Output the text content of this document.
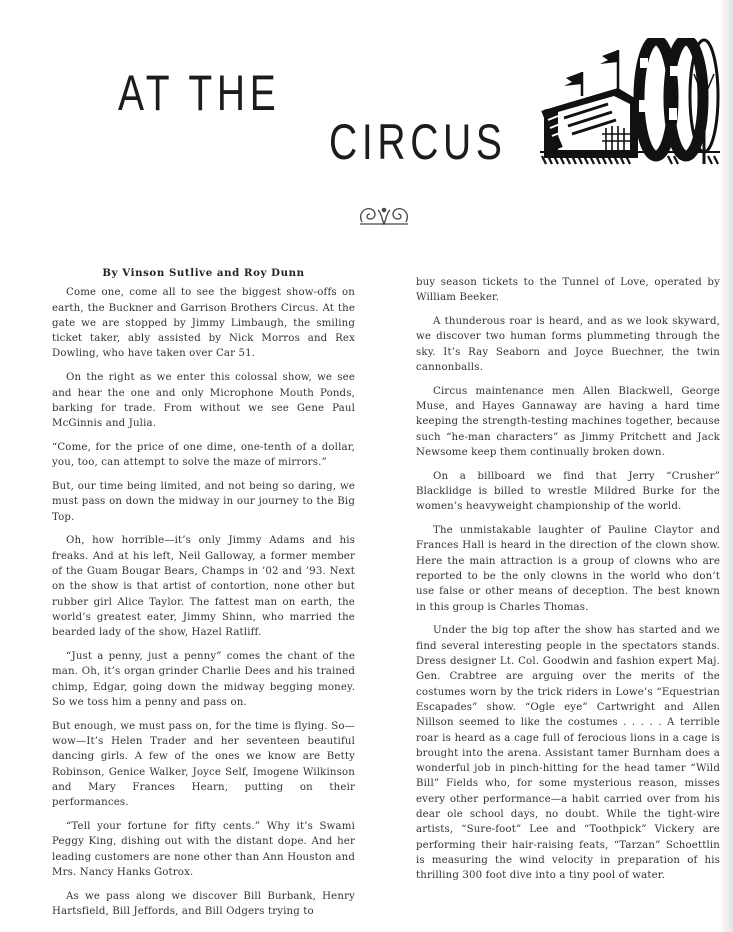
AT THE
CIRCUS

By Vinson Sutlive and Roy Dunn

Come one, come all to see the biggest show-offs on earth, the Buckner and Garrison Brothers Circus. At the gate we are stopped by Jimmy Limbaugh, the smiling ticket taker, ably assisted by Nick Morros and Rex Dowling, who have taken over Car 51.

On the right as we enter this colossal show, we see and hear the one and only Microphone Mouth Ponds, barking for trade. From without we see Gene Paul McGinnis and Julia.

“Come, for the price of one dime, one-tenth of a dollar, you, too, can attempt to solve the maze of mirrors.”

But, our time being limited, and not being so daring, we must pass on down the midway in our journey to the Big Top.

Oh, how horrible—it’s only Jimmy Adams and his freaks. And at his left, Neil Galloway, a former member of the Guam Bougar Bears, Champs in ’02 and ’93. Next on the show is that artist of contortion, none other but rubber girl Alice Taylor. The fattest man on earth, the world’s greatest eater, Jimmy Shinn, who married the bearded lady of the show, Hazel Ratliff.

“Just a penny, just a penny” comes the chant of the man. Oh, it’s organ grinder Charlie Dees and his trained chimp, Edgar, going down the midway begging money. So we toss him a penny and pass on.

But enough, we must pass on, for the time is flying. So—wow—It’s Helen Trader and her seventeen beautiful dancing girls. A few of the ones we know are Betty Robinson, Genice Walker, Joyce Self, Imogene Wilkinson and Mary Frances Hearn, putting on their performances.

“Tell your fortune for fifty cents.” Why it’s Swami Peggy King, dishing out with the distant dope. And her leading customers are none other than Ann Houston and Mrs. Nancy Hanks Gotrox.

As we pass along we discover Bill Burbank, Henry Hartsfield, Bill Jeffords, and Bill Odgers trying to

buy season tickets to the Tunnel of Love, operated by William Beeker.

A thunderous roar is heard, and as we look skyward, we discover two human forms plummeting through the sky. It’s Ray Seaborn and Joyce Buechner, the twin cannonballs.

Circus maintenance men Allen Blackwell, George Muse, and Hayes Gannaway are having a hard time keeping the strength-testing machines together, because such “he-man characters” as Jimmy Pritchett and Jack Newsome keep them continually broken down.

On a billboard we find that Jerry “Crusher” Blacklidge is billed to wrestle Mildred Burke for the women’s heavyweight championship of the world.

The unmistakable laughter of Pauline Claytor and Frances Hall is heard in the direction of the clown show. Here the main attraction is a group of clowns who are reported to be the only clowns in the world who don’t use false or other means of deception. The best known in this group is Charles Thomas.

Under the big top after the show has started and we find several interesting people in the spectators stands. Dress designer Lt. Col. Goodwin and fashion expert Maj. Gen. Crabtree are arguing over the merits of the costumes worn by the trick riders in Lowe’s “Equestrian Escapades” show. “Ogle eye” Cartwright and Allen Nillson seemed to like the costumes . . . . . A terrible roar is heard as a cage full of ferocious lions in a cage is brought into the arena. Assistant tamer Burnham does a wonderful job in pinch-hitting for the head tamer “Wild Bill” Fields who, for some mysterious reason, misses every other performance—a habit carried over from his dear ole school days, no doubt. While the tight-wire artists, “Sure-foot” Lee and “Toothpick” Vickery are performing their hair-raising feats, “Tarzan” Schoettlin is measuring the wind velocity in preparation of his thrilling 300 foot dive into a tiny pool of water.
